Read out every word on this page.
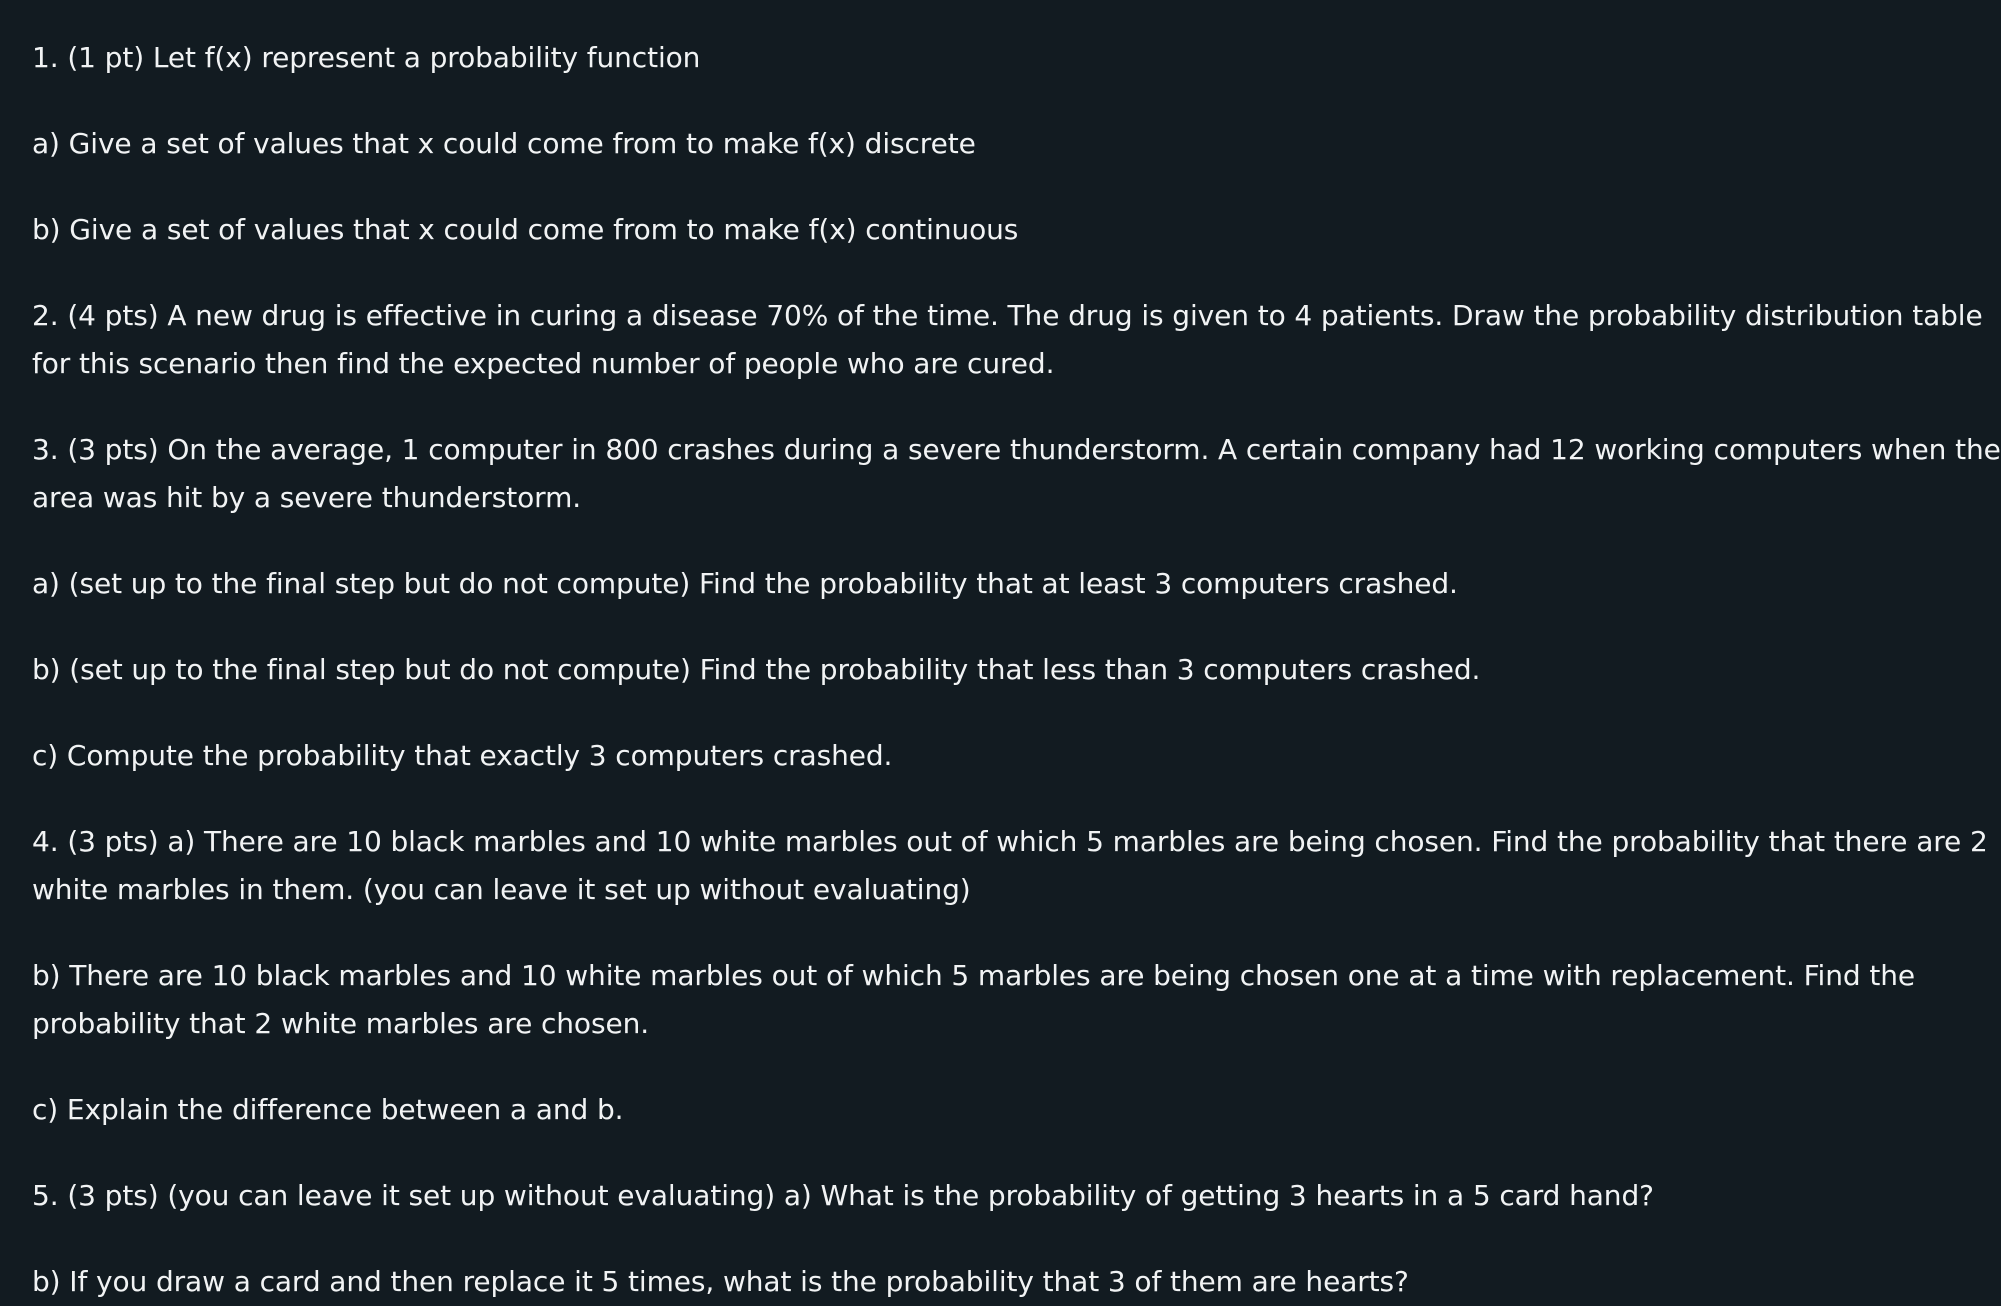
1. (1 pt) Let f(x) represent a probability function

a) Give a set of values that x could come from to make f(x) discrete

b) Give a set of values that x could come from to make f(x) continuous

2. (4 pts) A new drug is effective in curing a disease 70% of the time. The drug is given to 4 patients. Draw the probability distribution table
for this scenario then find the expected number of people who are cured.

3. (3 pts) On the average, 1 computer in 800 crashes during a severe thunderstorm. A certain company had 12 working computers when the
area was hit by a severe thunderstorm.

a) (set up to the final step but do not compute) Find the probability that at least 3 computers crashed.

b) (set up to the final step but do not compute) Find the probability that less than 3 computers crashed.

c) Compute the probability that exactly 3 computers crashed.

4. (3 pts) a) There are 10 black marbles and 10 white marbles out of which 5 marbles are being chosen. Find the probability that there are 2
white marbles in them. (you can leave it set up without evaluating)

b) There are 10 black marbles and 10 white marbles out of which 5 marbles are being chosen one at a time with replacement. Find the
probability that 2 white marbles are chosen.

c) Explain the difference between a and b.

5. (3 pts) (you can leave it set up without evaluating) a) What is the probability of getting 3 hearts in a 5 card hand?

b) If you draw a card and then replace it 5 times, what is the probability that 3 of them are hearts?
